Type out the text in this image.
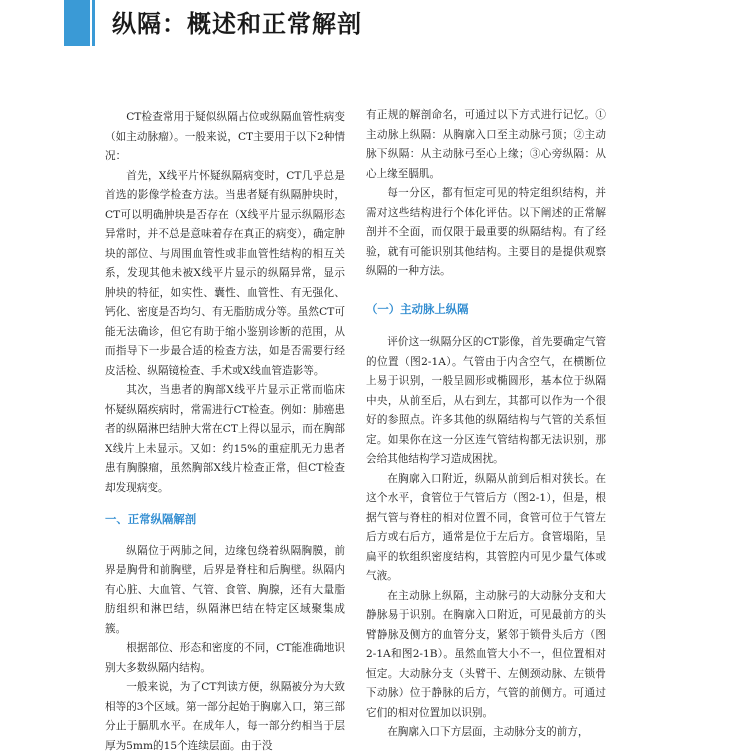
纵隔：概述和正常解剖

CT检查常用于疑似纵隔占位或纵隔血管性病变（如主动脉瘤）。一般来说，CT主要用于以下2种情况：

首先，X线平片怀疑纵隔病变时，CT几乎总是首选的影像学检查方法。当患者疑有纵隔肿块时，CT可以明确肿块是否存在（X线平片显示纵隔形态异常时，并不总是意味着存在真正的病变），确定肿块的部位、与周围血管性或非血管性结构的相互关系，发现其他未被X线平片显示的纵隔异常，显示肿块的特征，如实性、囊性、血管性、有无强化、钙化、密度是否均匀、有无脂肪成分等。虽然CT可能无法确诊，但它有助于缩小鉴别诊断的范围，从而指导下一步最合适的检查方法，如是否需要行经皮活检、纵隔镜检查、手术或X线血管造影等。

其次，当患者的胸部X线平片显示正常而临床怀疑纵隔疾病时，常需进行CT检查。例如：肺癌患者的纵隔淋巴结肿大常在CT上得以显示，而在胸部X线片上未显示。又如：约15%的重症肌无力患者患有胸腺瘤，虽然胸部X线片检查正常，但CT检查却发现病变。

一、正常纵隔解剖

纵隔位于两肺之间，边缘包绕着纵隔胸膜，前界是胸骨和前胸壁，后界是脊柱和后胸壁。纵隔内有心脏、大血管、气管、食管、胸腺，还有大量脂肪组织和淋巴结，纵隔淋巴结在特定区域聚集成簇。

根据部位、形态和密度的不同，CT能准确地识别大多数纵隔内结构。

一般来说，为了CT判读方便，纵隔被分为大致相等的3个区域。第一部分起始于胸廓入口，第三部分止于膈肌水平。在成年人，每一部分约相当于层厚为5mm的15个连续层面。由于没

有正规的解剖命名，可通过以下方式进行记忆。①主动脉上纵隔：从胸廓入口至主动脉弓顶；②主动脉下纵隔：从主动脉弓至心上缘；③心旁纵隔：从心上缘至膈肌。

每一分区，都有恒定可见的特定组织结构，并需对这些结构进行个体化评估。以下阐述的正常解剖并不全面，而仅限于最重要的纵隔结构。有了经验，就有可能识别其他结构。主要目的是提供观察纵隔的一种方法。

（一）主动脉上纵隔

评价这一纵隔分区的CT影像，首先要确定气管的位置（图2-1A）。气管由于内含空气，在横断位上易于识别，一般呈圆形或椭圆形，基本位于纵隔中央，从前至后，从右到左，其都可以作为一个很好的参照点。许多其他的纵隔结构与气管的关系恒定。如果你在这一分区连气管结构都无法识别，那会给其他结构学习造成困扰。

在胸廓入口附近，纵隔从前到后相对狭长。在这个水平，食管位于气管后方（图2-1），但是，根据气管与脊柱的相对位置不同，食管可位于气管左后方或右后方，通常是位于左后方。食管塌陷，呈扁平的软组织密度结构，其管腔内可见少量气体或气液。

在主动脉上纵隔，主动脉弓的大动脉分支和大静脉易于识别。在胸廓入口附近，可见最前方的头臂静脉及侧方的血管分支，紧邻于锁骨头后方（图2-1A和图2-1B）。虽然血管大小不一，但位置相对恒定。大动脉分支（头臂干、左侧颈动脉、左锁骨下动脉）位于静脉的后方，气管的前侧方。可通过它们的相对位置加以识别。

在胸廓入口下方层面，主动脉分支的前方，
